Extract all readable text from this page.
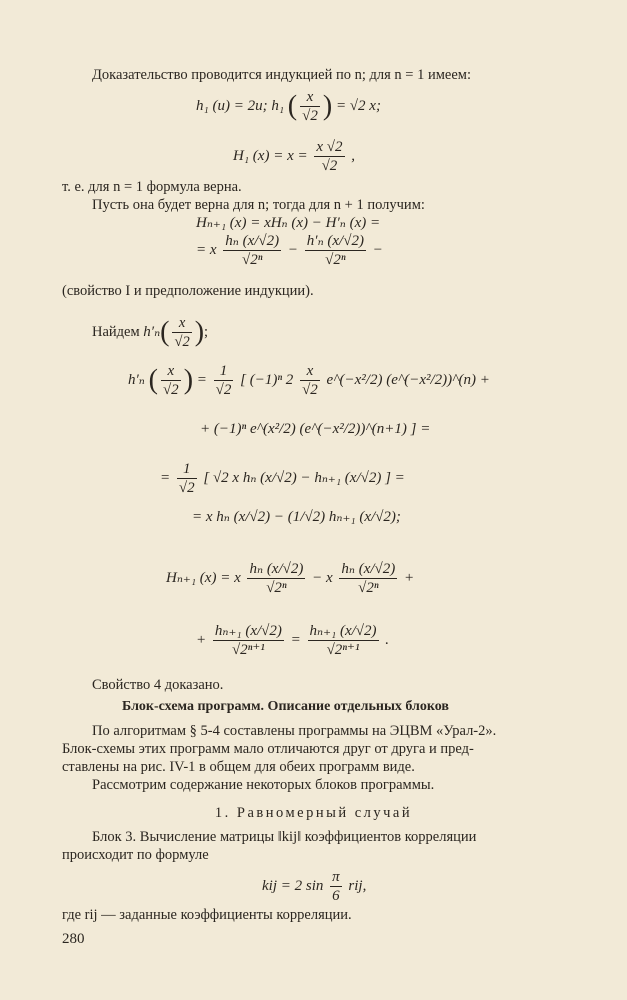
Доказательство проводится индукцией по n; для n = 1 имеем:
h₁ (u) = 2u; h₁ ( $\frac{x}{√2}$ ) = √2 x;
H₁ $(x) = x = \frac{x √2}{√2}$ ,
т. е. для n = 1 формула верна.
Пусть она будет верна для n; тогда для n + 1 получим:
Hₙ₊₁ (x) = xHₙ (x) − H′ₙ (x) =
= x $\frac{\text{hₙ (x/√2)}}{\text{√2ⁿ}} - \frac{\text{h′ₙ (x/√2)}}{\text{√2ⁿ}}$ −
(свойство I и предположение индукции).
Найдем $h'_n( \frac{x}{√2}$ );
h′ₙ ( $\frac{x}{√2}$ ) = $\frac{1}{√2}$ [ (−1)ⁿ $2 \frac{x}{√2}$ e^(−x²/2) (e^(−x²/2))^(n) +
+ (−1)ⁿ e^(x²/2) (e^(−x²/2))^(n+1) ] =
= $\frac{1}{√2}$ [ √2 x hₙ (x/√2) − hₙ₊₁ (x/√2) ] =
= x hₙ (x/√2) − (1/√2) hₙ₊₁ (x/√2);
Hₙ₊₁ (x) = x $\frac{\text{hₙ (x/√2)}}{\text{√2ⁿ}} - x \frac{\text{hₙ (x/√2)}}{\text{√2ⁿ}}$ +
+ $\frac{\text{hₙ₊₁ (x/√2)}}{\text{√2ⁿ⁺¹}} = \frac{\text{hₙ₊₁ (x/√2)}}{\text{√2ⁿ⁺¹}}$ .
Свойство 4 доказано.
Блок-схема программ. Описание отдельных блоков
По алгоритмам § 5-4 составлены программы на ЭЦВМ «Урал-2».
Блок-схемы этих программ мало отличаются друг от друга и пред-
ставлены на рис. IV-1 в общем для обеих программ виде.
Рассмотрим содержание некоторых блоков программы.
1. Равномерный случай
Блок 3. Вычисление матрицы ‖kij‖ коэффициентов корреляции
происходит по формуле
kij = 2 $\sin \frac{\pi}{6}$ rij,
где rij — заданные коэффициенты корреляции.
280
